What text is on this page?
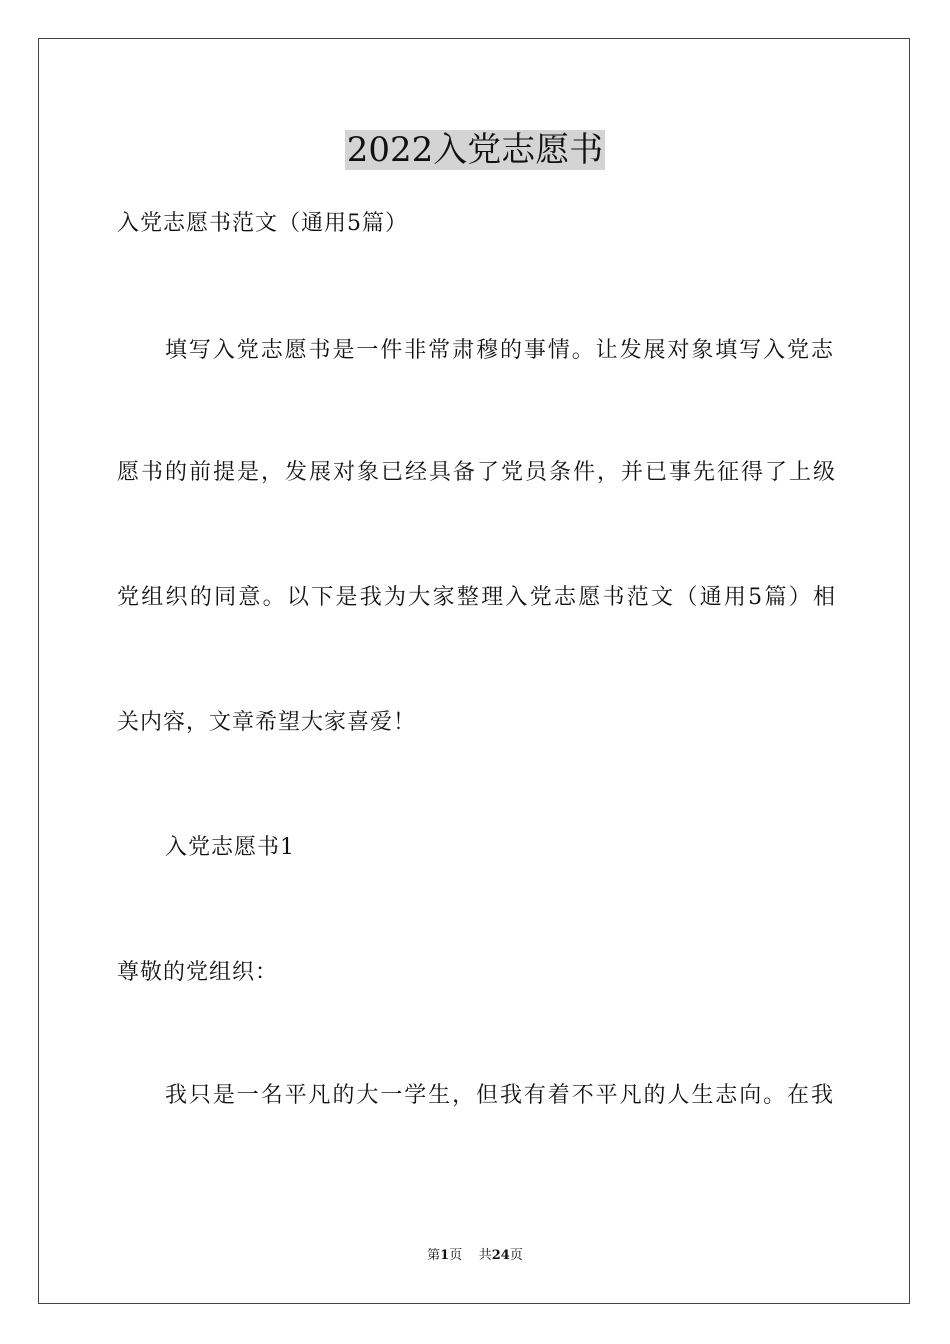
2022入党志愿书
入党志愿书范文（通用5篇）
填写入党志愿书是一件非常肃穆的事情。让发展对象填写入党志
愿书的前提是，发展对象已经具备了党员条件，并已事先征得了上级
党组织的同意。以下是我为大家整理入党志愿书范文（通用5篇）相
关内容，文章希望大家喜爱！
入党志愿书1
尊敬的党组织：
我只是一名平凡的大一学生，但我有着不平凡的人生志向。在我
第1页 共24页
